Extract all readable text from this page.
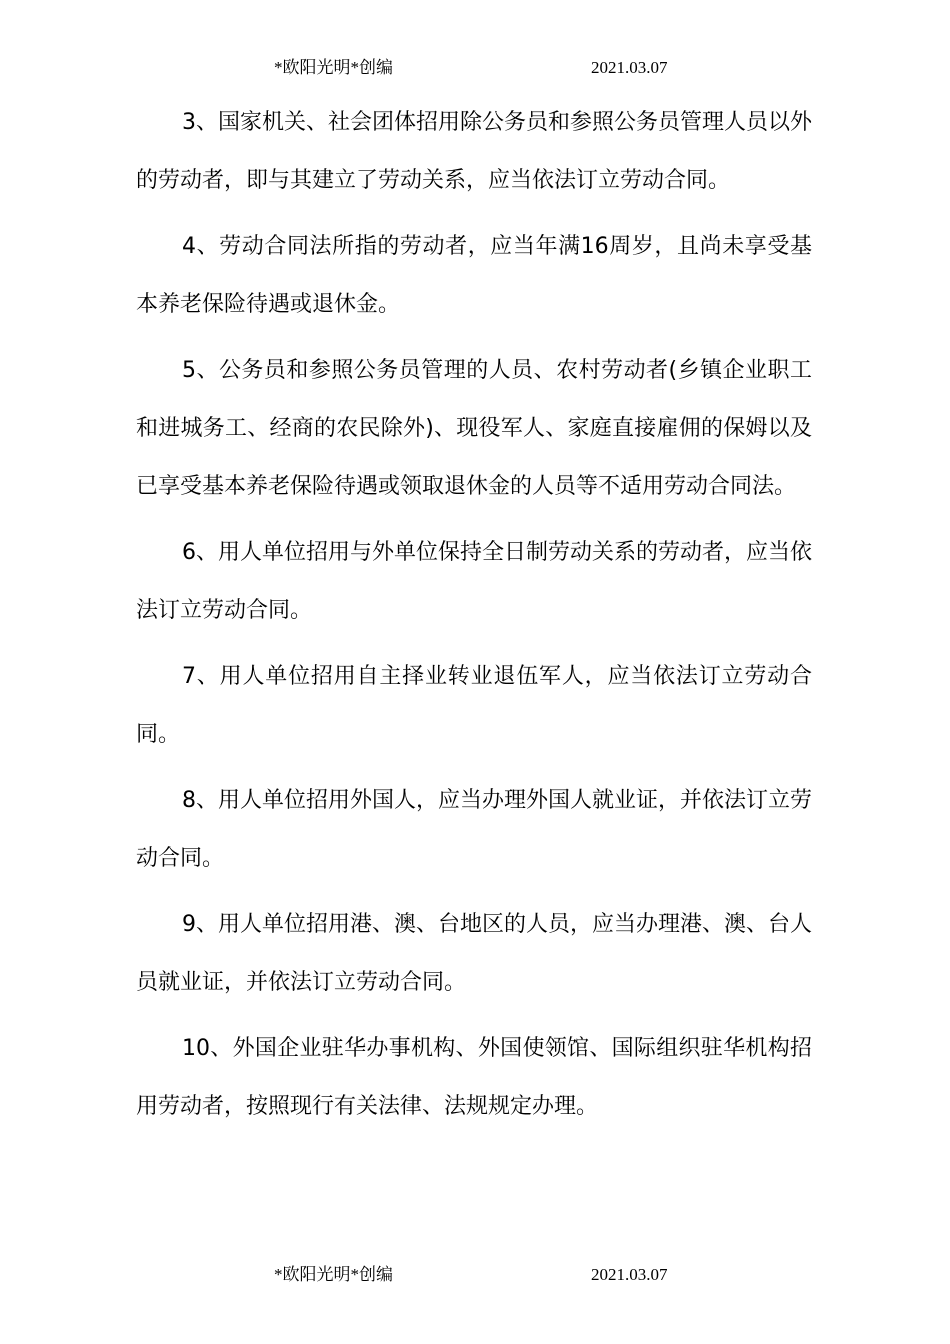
*欧阳光明*创编	2021.03.07

3、国家机关、社会团体招用除公务员和参照公务员管理人员以外的劳动者，即与其建立了劳动关系，应当依法订立劳动合同。

4、劳动合同法所指的劳动者，应当年满16周岁，且尚未享受基本养老保险待遇或退休金。

5、公务员和参照公务员管理的人员、农村劳动者(乡镇企业职工和进城务工、经商的农民除外)、现役军人、家庭直接雇佣的保姆以及已享受基本养老保险待遇或领取退休金的人员等不适用劳动合同法。

6、用人单位招用与外单位保持全日制劳动关系的劳动者，应当依法订立劳动合同。

7、用人单位招用自主择业转业退伍军人，应当依法订立劳动合同。

8、用人单位招用外国人，应当办理外国人就业证，并依法订立劳动合同。

9、用人单位招用港、澳、台地区的人员，应当办理港、澳、台人员就业证，并依法订立劳动合同。

10、外国企业驻华办事机构、外国使领馆、国际组织驻华机构招用劳动者，按照现行有关法律、法规规定办理。

*欧阳光明*创编	2021.03.07
